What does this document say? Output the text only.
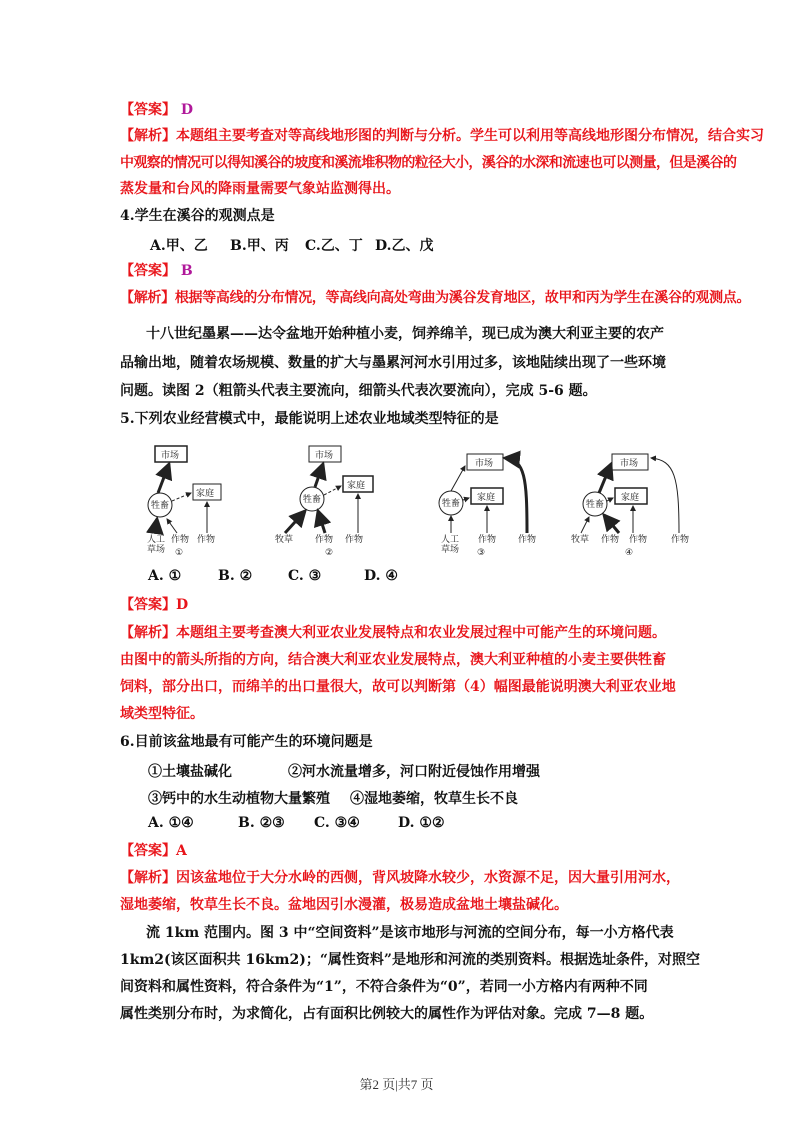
【答案】 D
【解析】本题组主要考查对等高线地形图的判断与分析。学生可以利用等高线地形图分布情况，结合实习
中观察的情况可以得知溪谷的坡度和溪流堆积物的粒径大小，溪谷的水深和流速也可以测量，但是溪谷的
蒸发量和台风的降雨量需要气象站监测得出。
4.学生在溪谷的观测点是
A.甲、乙 B.甲、丙 C.乙、丁 D.乙、戊
【答案】 B
【解析】根据等高线的分布情况，等高线向高处弯曲为溪谷发育地区，故甲和丙为学生在溪谷的观测点。
十八世纪墨累——达令盆地开始种植小麦，饲养绵羊，现已成为澳大利亚主要的农产
品输出地，随着农场规模、数量的扩大与墨累河河水引用过多，该地陆续出现了一些环境
问题。读图 2（粗箭头代表主要流向，细箭头代表次要流向），完成 5-6 题。
5.下列农业经营模式中，最能说明上述农业地域类型特征的是
市场
家庭
牲畜
人工
草场
作物 作物
①
市场
家庭
牲畜
牧草 作物 作物
②
市场
家庭
牲畜
人工
草场
作物 作物
③
市场
家庭
牲畜
牧草 作物 作物	作物
④
A. ①	B. ②	C. ③	D. ④
【答案】D
【解析】本题组主要考查澳大利亚农业发展特点和农业发展过程中可能产生的环境问题。
由图中的箭头所指的方向，结合澳大利亚农业发展特点，澳大利亚种植的小麦主要供牲畜
饲料，部分出口，而绵羊的出口量很大，故可以判断第（4）幅图最能说明澳大利亚农业地
域类型特征。
6.目前该盆地最有可能产生的环境问题是
①土壤盐碱化	②河水流量增多，河口附近侵蚀作用增强
③钙中的水生动植物大量繁殖 ④湿地萎缩，牧草生长不良
A. ①④	B. ②③ C. ③④	D. ①②
【答案】A
【解析】因该盆地位于大分水岭的西侧，背风坡降水较少，水资源不足，因大量引用河水，
湿地萎缩，牧草生长不良。盆地因引水漫灌，极易造成盆地土壤盐碱化。
流 1km 范围内。图 3 中“空间资料”是该市地形与河流的空间分布，每一小方格代表
1km2(该区面积共 16km2)；“属性资料”是地形和河流的类别资料。根据选址条件，对照空
间资料和属性资料，符合条件为“1”，不符合条件为“0”，若同一小方格内有两种不同
属性类别分布时，为求简化，占有面积比例较大的属性作为评估对象。完成 7—8 题。
第2 页|共7 页
